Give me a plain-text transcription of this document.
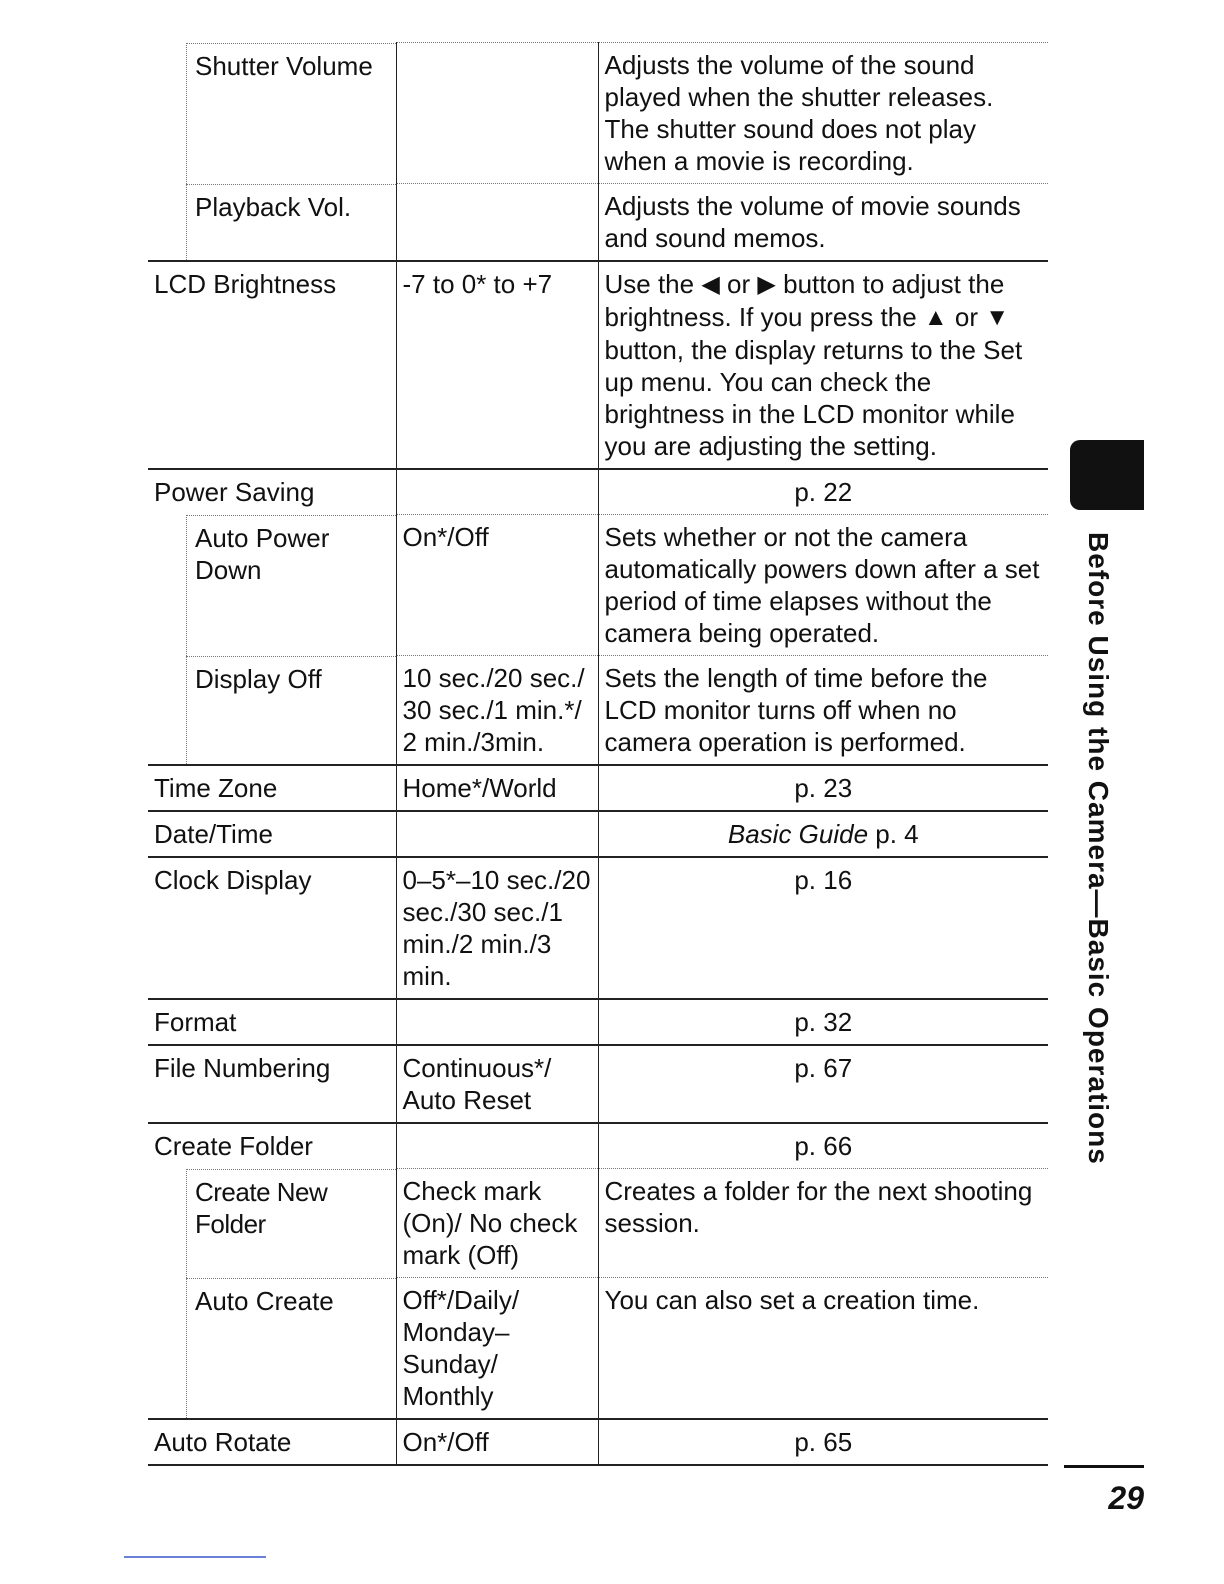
Shutter Volume		Adjusts the volume of the sound played when the shutter releases. The shutter sound does not play when a movie is recording.

Playback Vol.		Adjusts the volume of movie sounds and sound memos.
LCD Brightness	-7 to 0* to +7	Use the ◀ or ▶ button to adjust the brightness. If you press the ▲ or ▼ button, the display returns to the Set up menu. You can check the brightness in the LCD monitor while you are adjusting the setting.
Power Saving		p. 22

Auto Power Down	On*/Off	Sets whether or not the camera automatically powers down after a set period of time elapses without the camera being operated.

Display Off	10 sec./20 sec./ 30 sec./1 min.*/ 2 min./3min.	Sets the length of time before the LCD monitor turns off when no camera operation is performed.
Time Zone	Home*/World	p. 23
Date/Time		Basic Guide p. 4
Clock Display	0–5*–10 sec./20 sec./30 sec./1 min./2 min./3 min.	p. 16
Format		p. 32
File Numbering	Continuous*/ Auto Reset	p. 67
Create Folder		p. 66

Create New Folder	Check mark (On)/ No check mark (Off)	Creates a folder for the next shooting session.

Auto Create	Off*/Daily/ Monday–Sunday/ Monthly	You can also set a creation time.
Auto Rotate	On*/Off	p. 65
Before Using the Camera—Basic Operations
29
